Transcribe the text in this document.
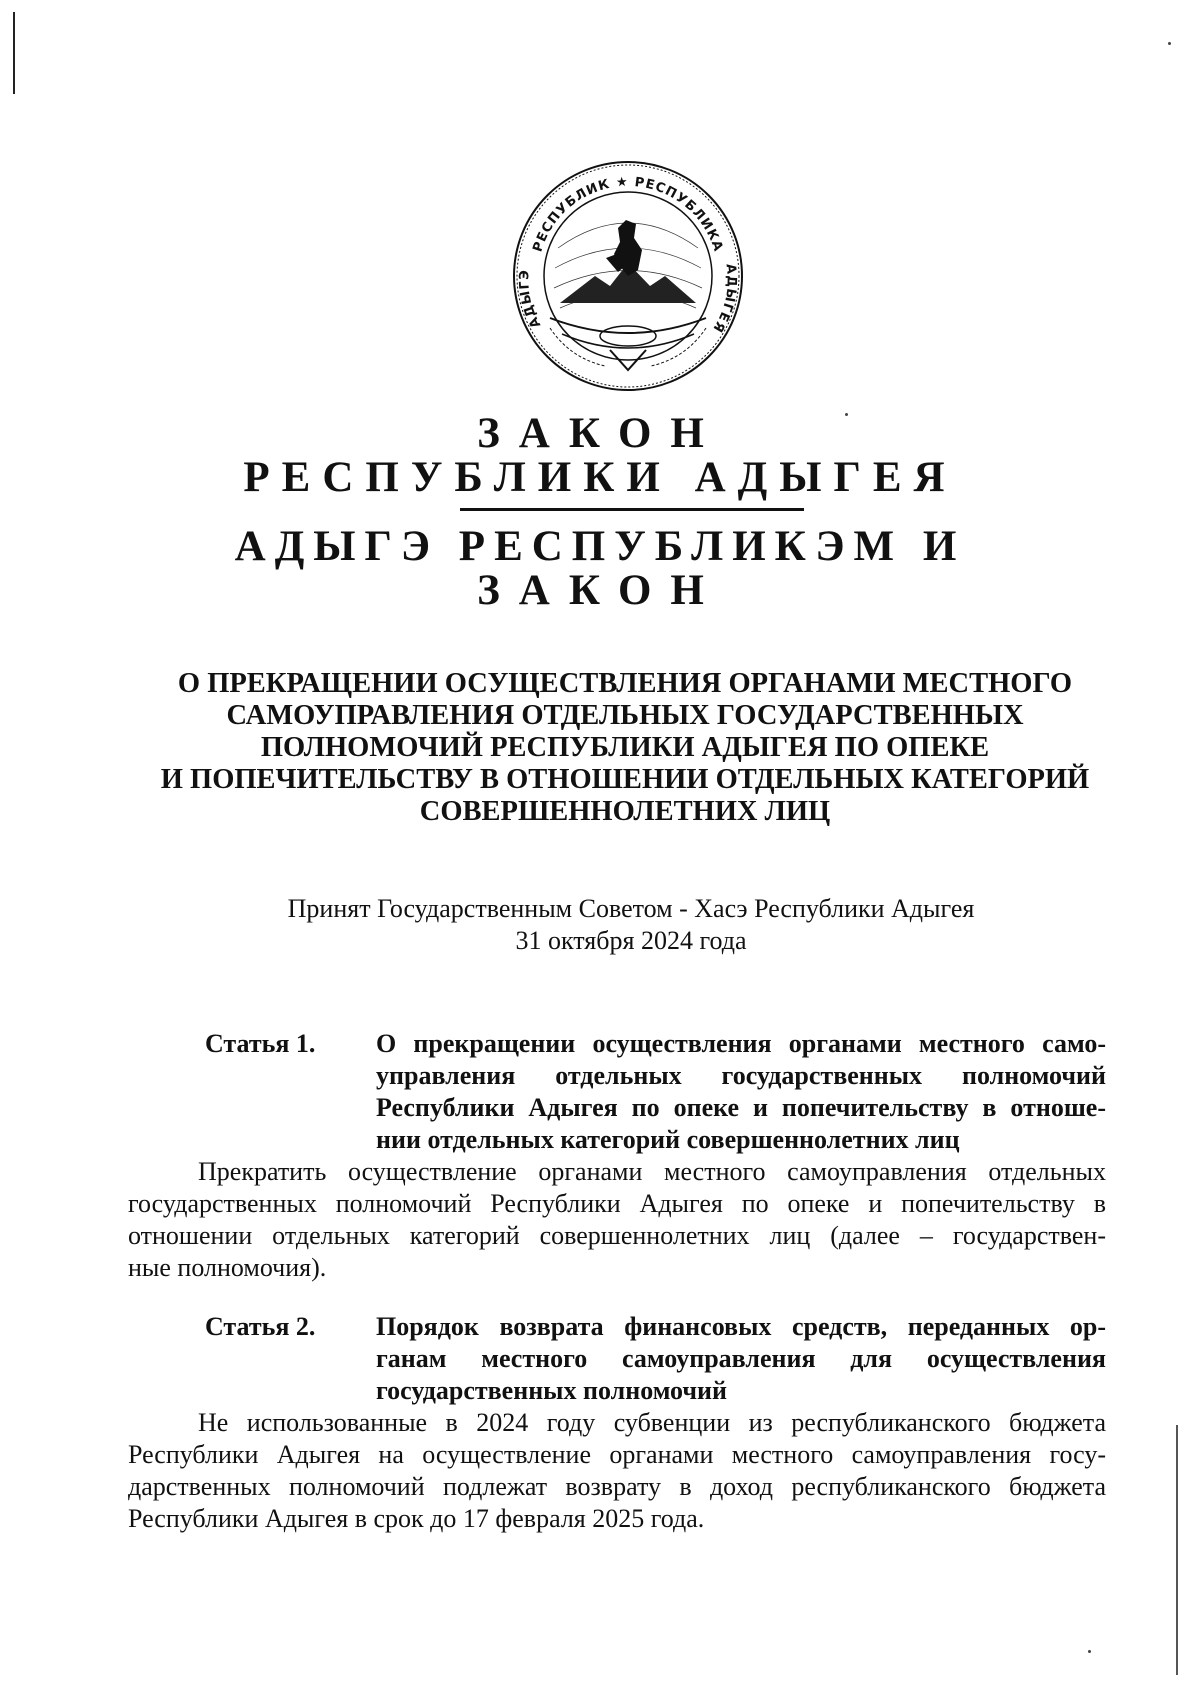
РЕСПУБЛИК ★ РЕСПУБЛИКА
АДЫГЭ	АДЫГЕЯ
ЗАКОН
РЕСПУБЛИКИ АДЫГЕЯ
АДЫГЭ РЕСПУБЛИКЭМ И
ЗАКОН
О ПРЕКРАЩЕНИИ ОСУЩЕСТВЛЕНИЯ ОРГАНАМИ МЕСТНОГО
САМОУПРАВЛЕНИЯ ОТДЕЛЬНЫХ ГОСУДАРСТВЕННЫХ
ПОЛНОМОЧИЙ РЕСПУБЛИКИ АДЫГЕЯ ПО ОПЕКЕ
И ПОПЕЧИТЕЛЬСТВУ В ОТНОШЕНИИ ОТДЕЛЬНЫХ КАТЕГОРИЙ
СОВЕРШЕННОЛЕТНИХ ЛИЦ
Принят Государственным Советом - Хасэ Республики Адыгея
31 октября 2024 года
Статья 1. О прекращении осуществления органами местного само-
управления отдельных государственных полномочий
Республики Адыгея по опеке и попечительству в отноше-
нии отдельных категорий совершеннолетних лиц
Прекратить осуществление органами местного самоуправления отдельных
государственных полномочий Республики Адыгея по опеке и попечительству в
отношении отдельных категорий совершеннолетних лиц (далее – государствен-
ные полномочия).
Статья 2. Порядок возврата финансовых средств, переданных ор-
ганам местного самоуправления для осуществления
государственных полномочий
Не использованные в 2024 году субвенции из республиканского бюджета
Республики Адыгея на осуществление органами местного самоуправления госу-
дарственных полномочий подлежат возврату в доход республиканского бюджета
Республики Адыгея в срок до 17 февраля 2025 года.
